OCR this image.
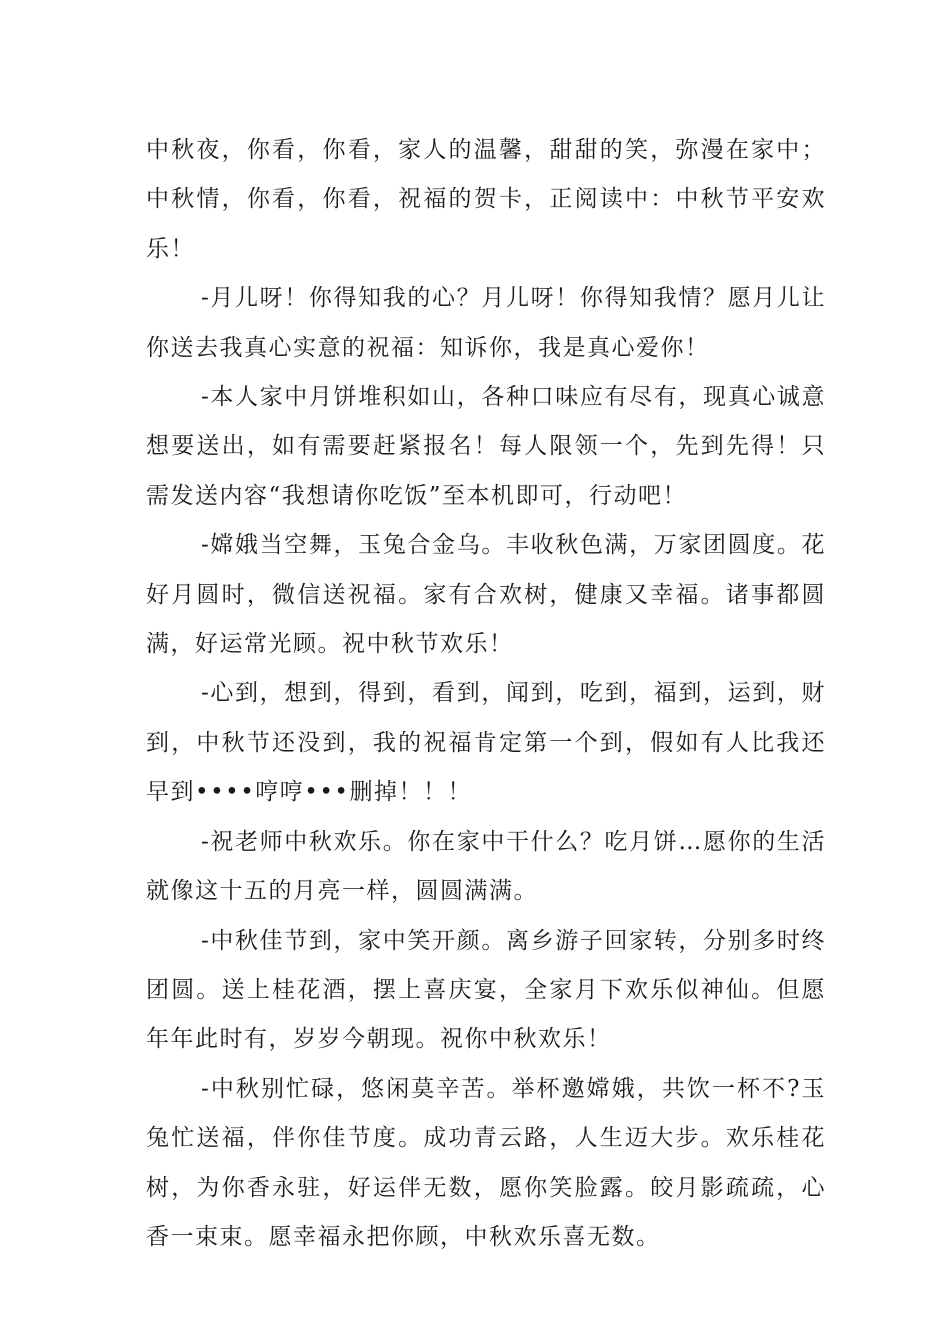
中秋夜，你看，你看，家人的温馨，甜甜的笑，弥漫在家中；中秋情，你看，你看，祝福的贺卡，正阅读中：中秋节平安欢乐！

-月儿呀！你得知我的心？月儿呀！你得知我情？愿月儿让你送去我真心实意的祝福：知诉你，我是真心爱你！

-本人家中月饼堆积如山，各种口味应有尽有，现真心诚意想要送出，如有需要赶紧报名！每人限领一个，先到先得！只需发送内容“我想请你吃饭”至本机即可，行动吧！

-嫦娥当空舞，玉兔合金乌。丰收秋色满，万家团圆度。花好月圆时，微信送祝福。家有合欢树，健康又幸福。诸事都圆满，好运常光顾。祝中秋节欢乐！

-心到，想到，得到，看到，闻到，吃到，福到，运到，财到，中秋节还没到，我的祝福肯定第一个到，假如有人比我还早到••••哼哼•••删掉！！！

-祝老师中秋欢乐。你在家中干什么？吃月饼…愿你的生活就像这十五的月亮一样，圆圆满满。

-中秋佳节到，家中笑开颜。离乡游子回家转，分别多时终团圆。送上桂花酒，摆上喜庆宴，全家月下欢乐似神仙。但愿年年此时有，岁岁今朝现。祝你中秋欢乐！

-中秋别忙碌，悠闲莫辛苦。举杯邀嫦娥，共饮一杯不?玉兔忙送福，伴你佳节度。成功青云路，人生迈大步。欢乐桂花树，为你香永驻，好运伴无数，愿你笑脸露。皎月影疏疏，心香一束束。愿幸福永把你顾，中秋欢乐喜无数。
